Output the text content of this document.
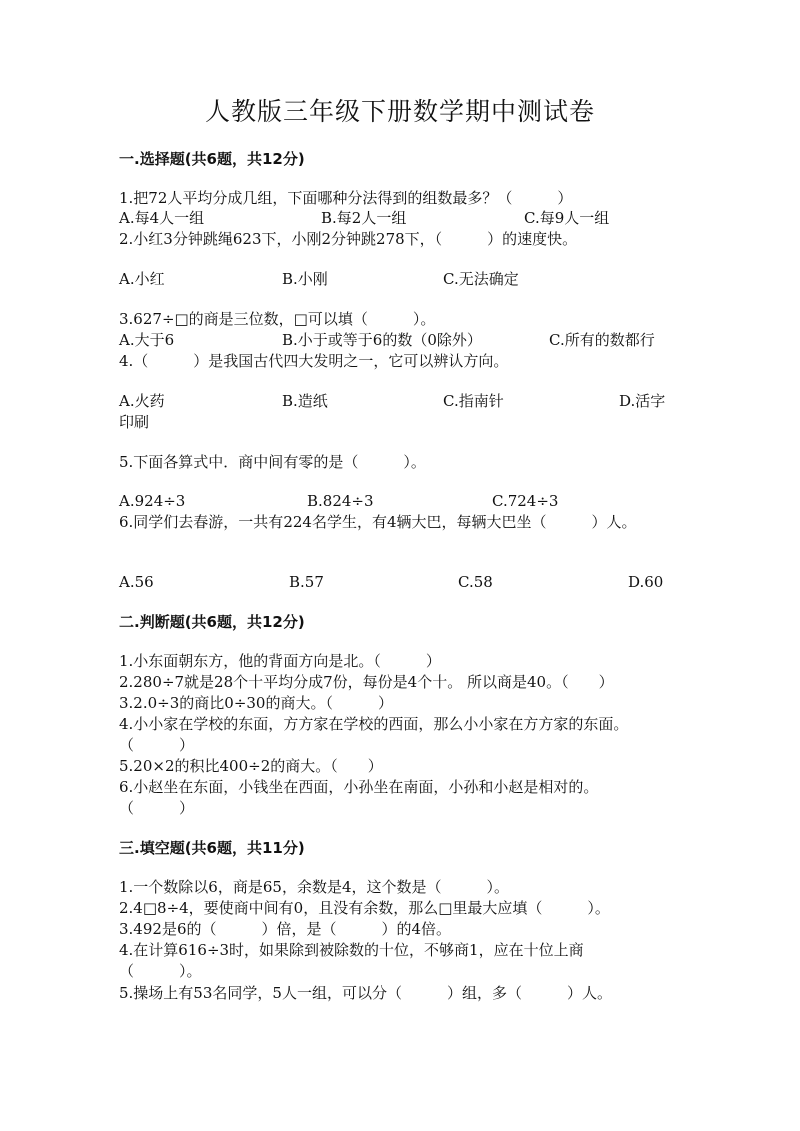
人教版三年级下册数学期中测试卷
一.选择题(共6题，共12分)
1.把72人平均分成几组，下面哪种分法得到的组数最多？（　　　）
A.每4人一组	B.每2人一组	C.每9人一组
2.小红3分钟跳绳623下，小刚2分钟跳278下，（　　　）的速度快。
A.小红	B.小刚	C.无法确定
3.627÷□的商是三位数，□可以填（　　　）。
A.大于6	B.小于或等于6的数（0除外）	C.所有的数都行
4.（　　　）是我国古代四大发明之一，它可以辨认方向。
A.火药	B.造纸	C.指南针	D.活字
印刷
5.下面各算式中．商中间有零的是（　　　）。
A.924÷3	B.824÷3	C.724÷3
6.同学们去春游，一共有224名学生，有4辆大巴，每辆大巴坐（　　　）人。
A.56	B.57	C.58	D.60
二.判断题(共6题，共12分)
1.小东面朝东方，他的背面方向是北。（　　　）
2.280÷7就是28个十平均分成7份，每份是4个十。 所以商是40。（　　）
3.2.0÷3的商比0÷30的商大。（　　　）
4.小小家在学校的东面，方方家在学校的西面，那么小小家在方方家的东面。
（　　　）
5.20×2的积比400÷2的商大。（　　）
6.小赵坐在东面，小钱坐在西面，小孙坐在南面，小孙和小赵是相对的。
（　　　）
三.填空题(共6题，共11分)
1.一个数除以6，商是65，余数是4，这个数是（　　　）。
2.4□8÷4，要使商中间有0，且没有余数，那么□里最大应填（　　　）。
3.492是6的（　　　）倍，是（　　　）的4倍。
4.在计算616÷3时，如果除到被除数的十位，不够商1，应在十位上商
（　　　）。
5.操场上有53名同学，5人一组，可以分（　　　）组，多（　　　）人。
